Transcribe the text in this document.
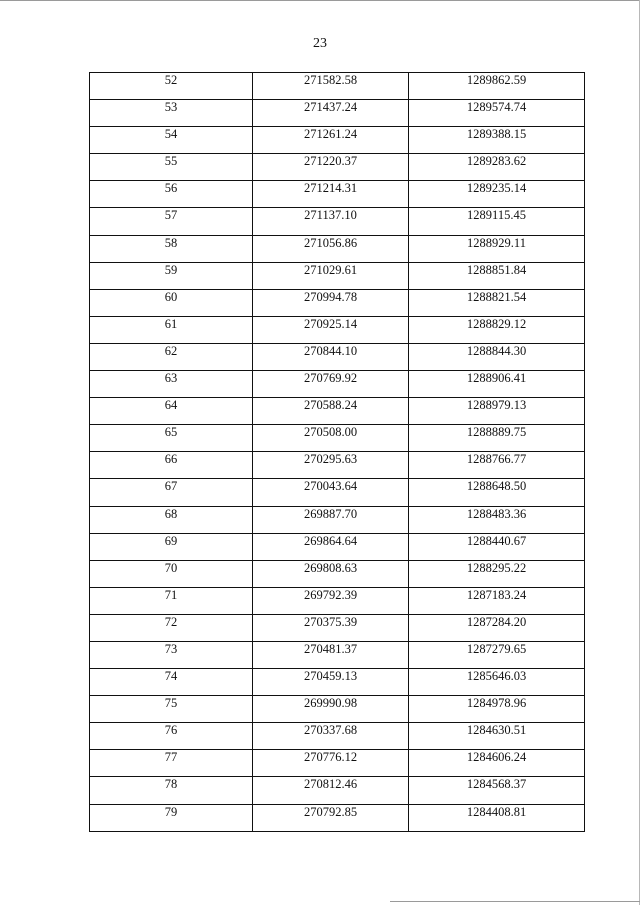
23
52	271582.58	1289862.59
53	271437.24	1289574.74
54	271261.24	1289388.15
55	271220.37	1289283.62
56	271214.31	1289235.14
57	271137.10	1289115.45
58	271056.86	1288929.11
59	271029.61	1288851.84
60	270994.78	1288821.54
61	270925.14	1288829.12
62	270844.10	1288844.30
63	270769.92	1288906.41
64	270588.24	1288979.13
65	270508.00	1288889.75
66	270295.63	1288766.77
67	270043.64	1288648.50
68	269887.70	1288483.36
69	269864.64	1288440.67
70	269808.63	1288295.22
71	269792.39	1287183.24
72	270375.39	1287284.20
73	270481.37	1287279.65
74	270459.13	1285646.03
75	269990.98	1284978.96
76	270337.68	1284630.51
77	270776.12	1284606.24
78	270812.46	1284568.37
79	270792.85	1284408.81
